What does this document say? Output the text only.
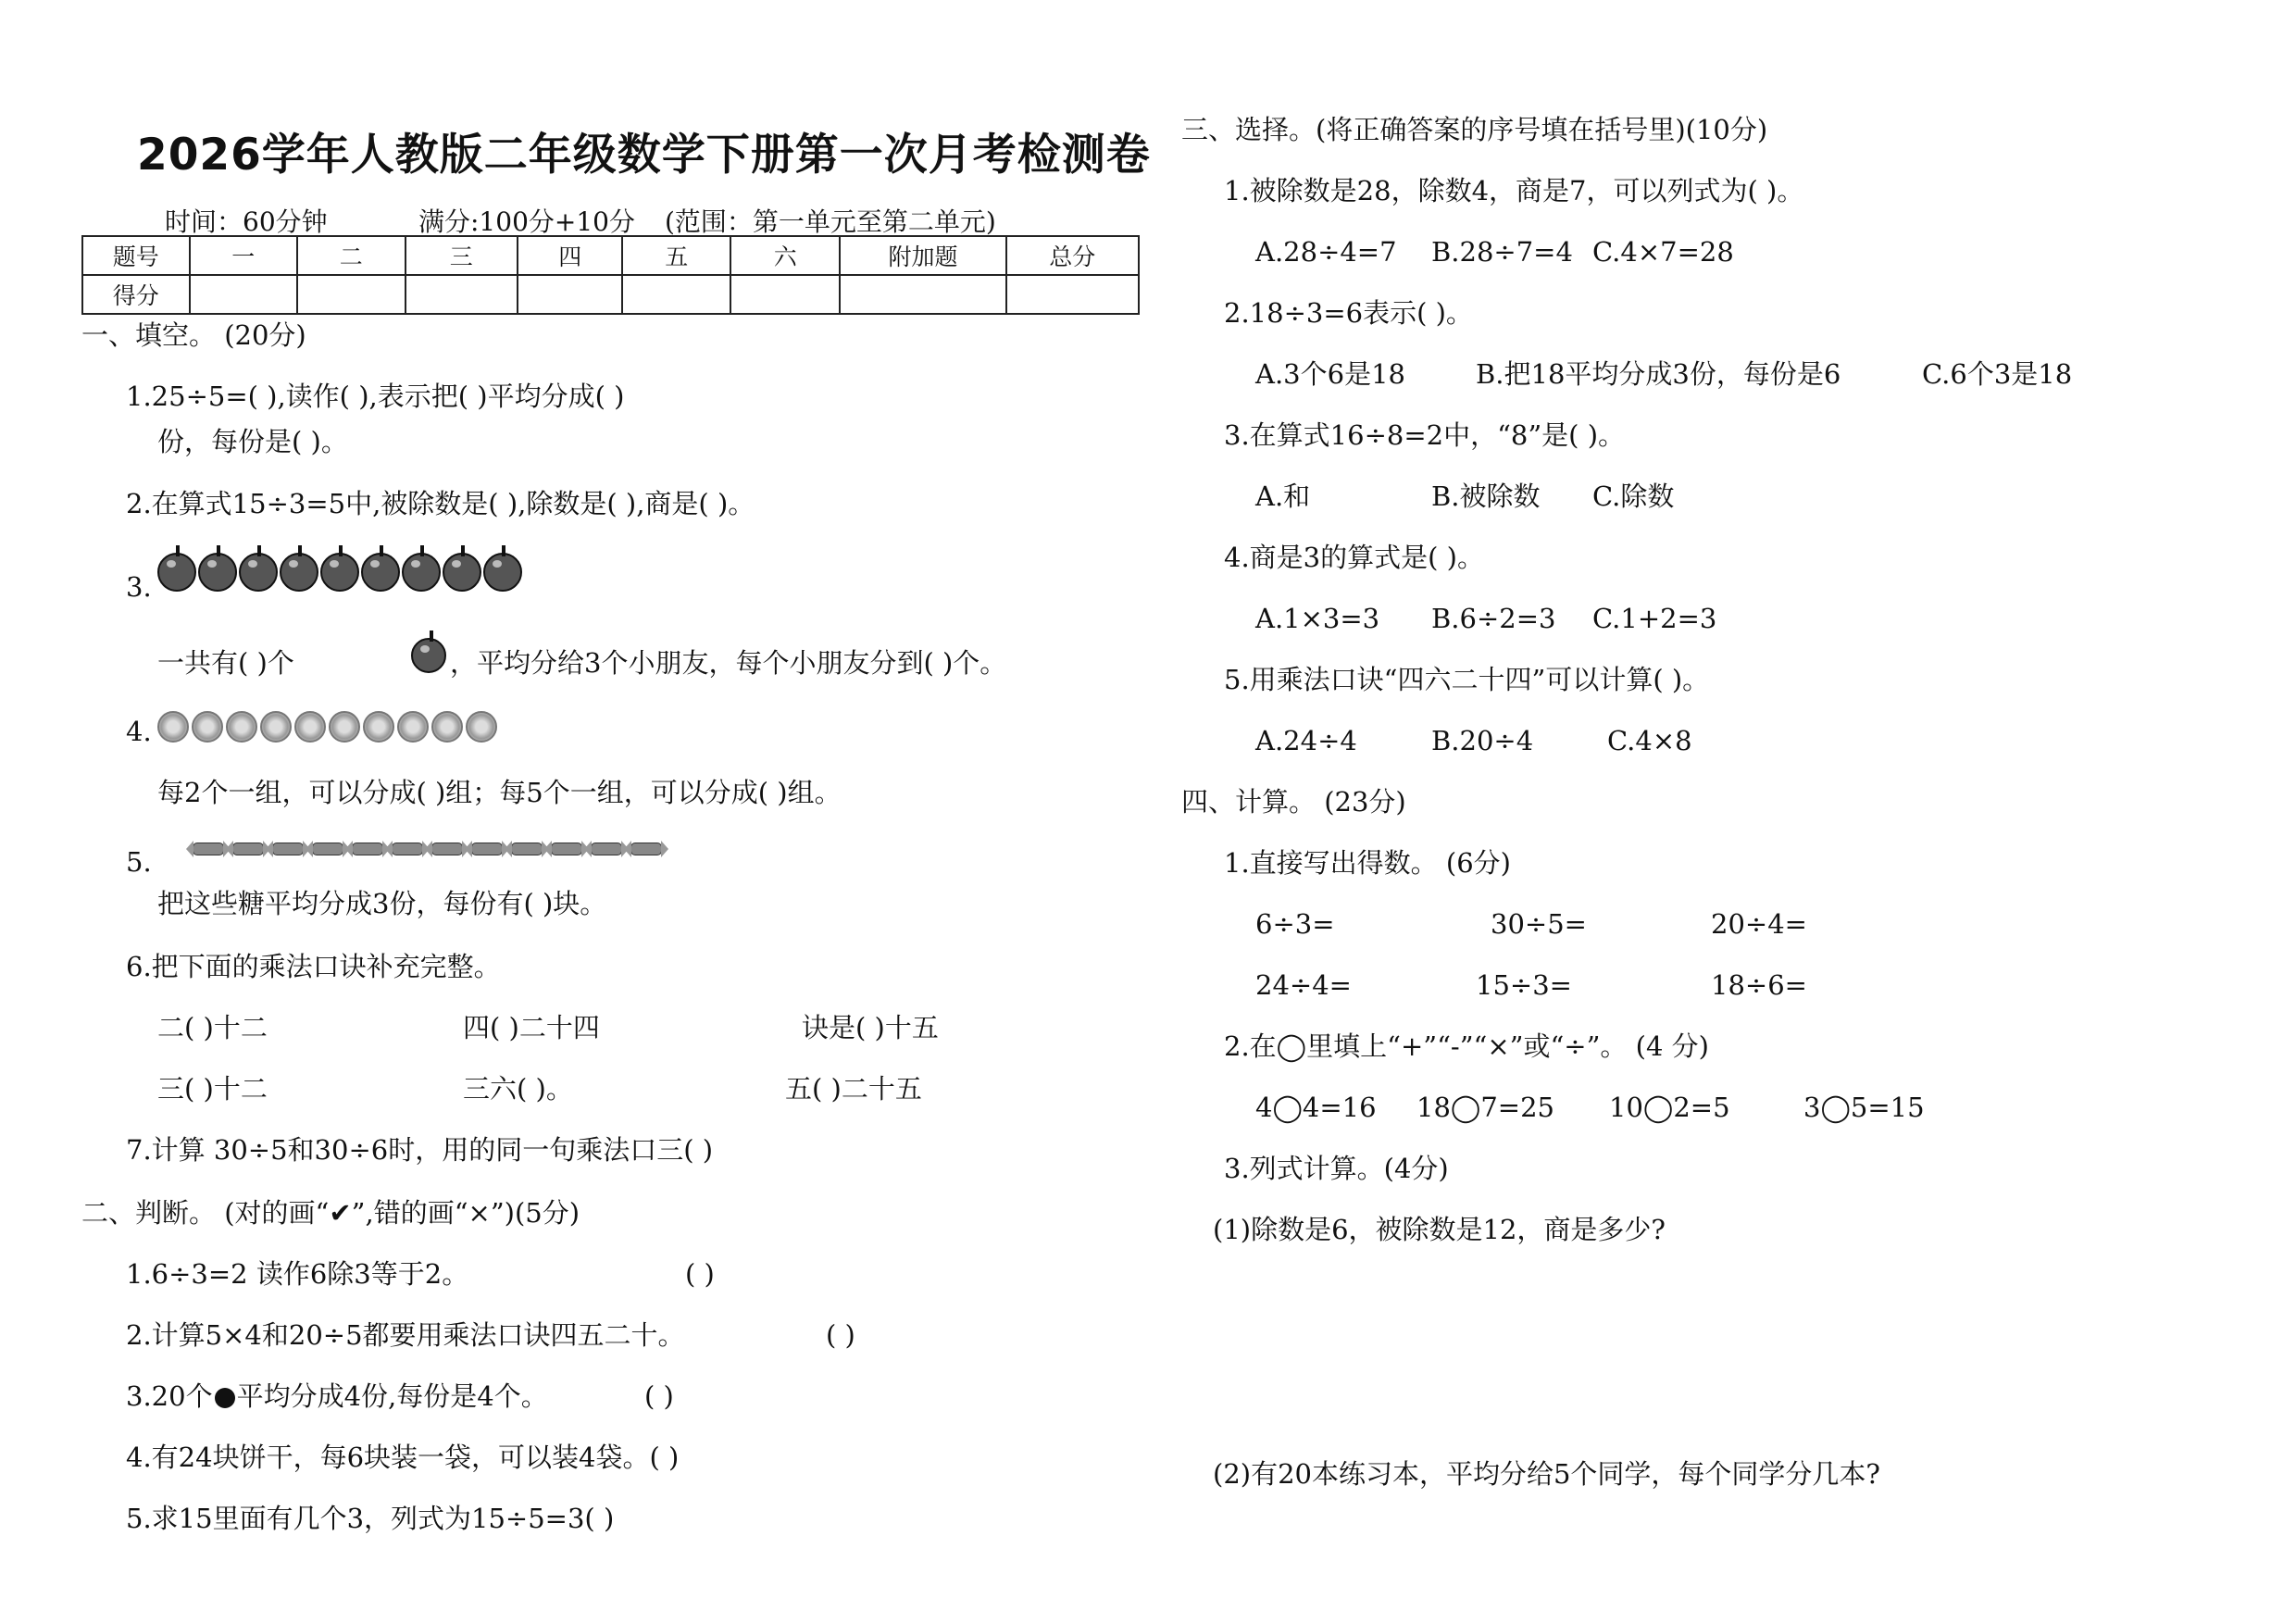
2026学年人教版二年级数学下册第一次月考检测卷
时间：60分钟	满分:100分+10分 (范围：第一单元至第二单元)
题号	一	二	三	四	五	六	附加题	总分
得分								
一、填空。 (20分)
1.25÷5=( ),读作( ),表示把( )平均分成( )
份，每份是( )。
2.在算式15÷3=5中,被除数是( ),除数是( ),商是( )。
3.
一共有( )个	，平均分给3个小朋友，每个小朋友分到( )个。
4.
每2个一组，可以分成( )组；每5个一组，可以分成( )组。
5.
把这些糖平均分成3份，每份有( )块。
6.把下面的乘法口诀补充完整。
二( )十二	四( )二十四	诀是( )十五
三( )十二	三六( )。	五( )二十五
7.计算 30÷5和30÷6时，用的同一句乘法口三( )
二、判断。 (对的画“✔”,错的画“×”)(5分)
1.6÷3=2 读作6除3等于2。	( )
2.计算5×4和20÷5都要用乘法口诀四五二十。	( )
3.20个 平均分成4份,每份是4个。	( )
4.有24块饼干，每6块装一袋，可以装4袋。( )
5.求15里面有几个3，列式为15÷5=3( )
三、选择。(将正确答案的序号填在括号里)(10分)
1.被除数是28，除数4，商是7，可以列式为( )。
A.28÷4=7 B.28÷7=4 C.4×7=28
2.18÷3=6表示( )。
A.3个6是18	B.把18平均分成3份，每份是6	C.6个3是18
3.在算式16÷8=2中，“8”是( )。
A.和	B.被除数 C.除数
4.商是3的算式是( )。
A.1×3=3 B.6÷2=3 C.1+2=3
5.用乘法口诀“四六二十四”可以计算( )。
A.24÷4	B.20÷4	C.4×8
四、计算。 (23分)
1.直接写出得数。 (6分)
6÷3=	30÷5=	20÷4=
24÷4=	15÷3=	18÷6=
2.在◯里填上“+”“-”“×”或“÷”。 (4 分)
4◯4=16 18◯7=25 10◯2=5	3◯5=15
3.列式计算。(4分)
(1)除数是6，被除数是12，商是多少?
(2)有20本练习本，平均分给5个同学，每个同学分几本?
